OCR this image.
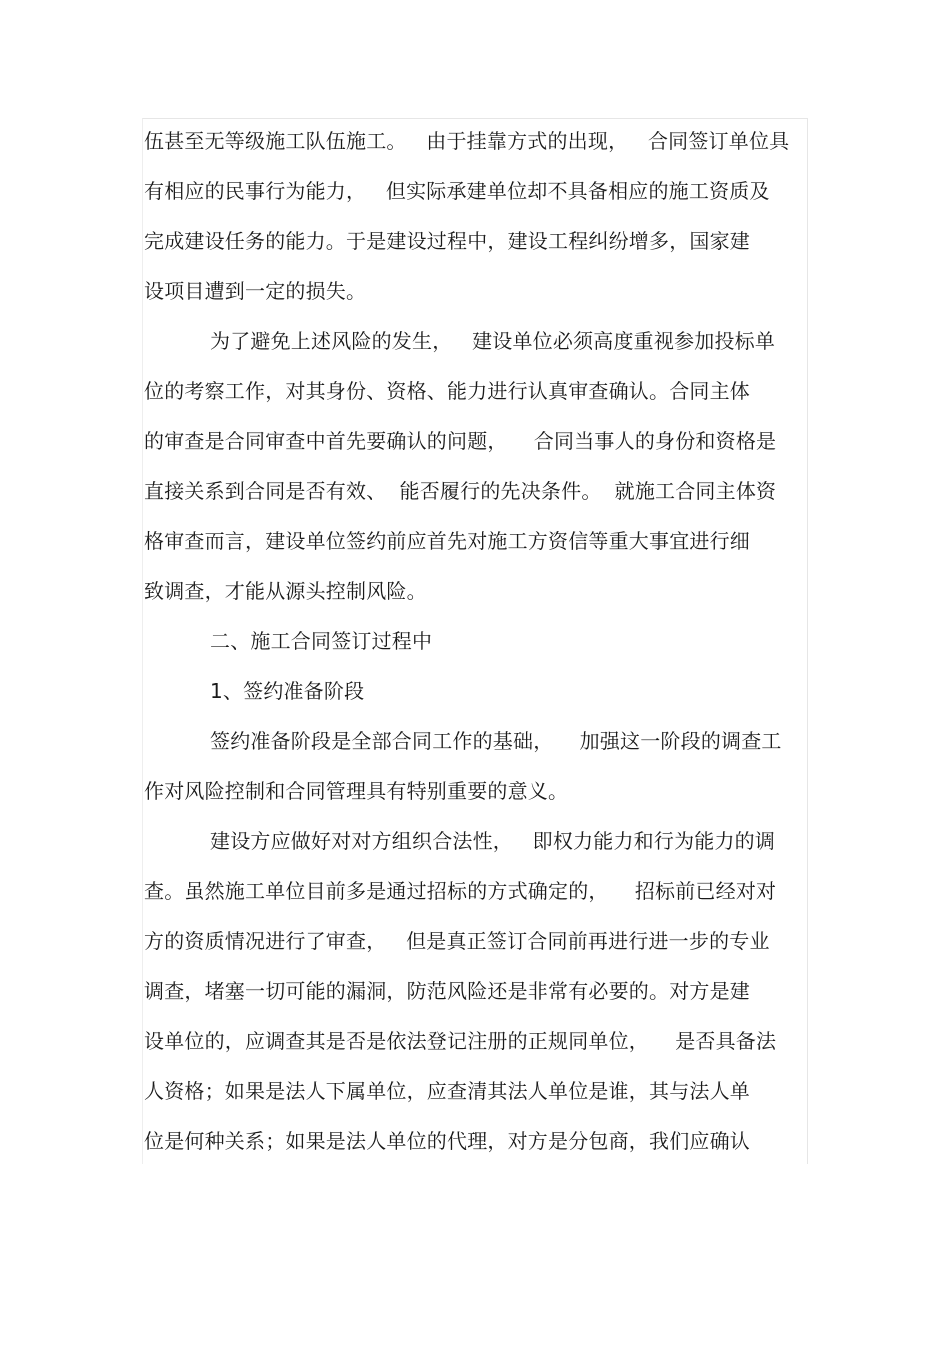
伍甚至无等级施工队伍施工。   由于挂靠方式的出现，   合同签订单位具
有相应的民事行为能力，   但实际承建单位却不具备相应的施工资质及
完成建设任务的能力。于是建设过程中，建设工程纠纷增多，国家建
设项目遭到一定的损失。
为了避免上述风险的发生，   建设单位必须高度重视参加投标单
位的考察工作，对其身份、资格、能力进行认真审查确认。合同主体
的审查是合同审查中首先要确认的问题，    合同当事人的身份和资格是
直接关系到合同是否有效、  能否履行的先决条件。  就施工合同主体资
格审查而言，建设单位签约前应首先对施工方资信等重大事宜进行细
致调查，才能从源头控制风险。
二、施工合同签订过程中
1、签约准备阶段
签约准备阶段是全部合同工作的基础，    加强这一阶段的调查工
作对风险控制和合同管理具有特别重要的意义。
建设方应做好对对方组织合法性，   即权力能力和行为能力的调
查。虽然施工单位目前多是通过招标的方式确定的，    招标前已经对对
方的资质情况进行了审查，   但是真正签订合同前再进行进一步的专业
调查，堵塞一切可能的漏洞，防范风险还是非常有必要的。对方是建
设单位的，应调查其是否是依法登记注册的正规同单位，    是否具备法
人资格；如果是法人下属单位，应查清其法人单位是谁，其与法人单
位是何种关系；如果是法人单位的代理，对方是分包商，我们应确认
